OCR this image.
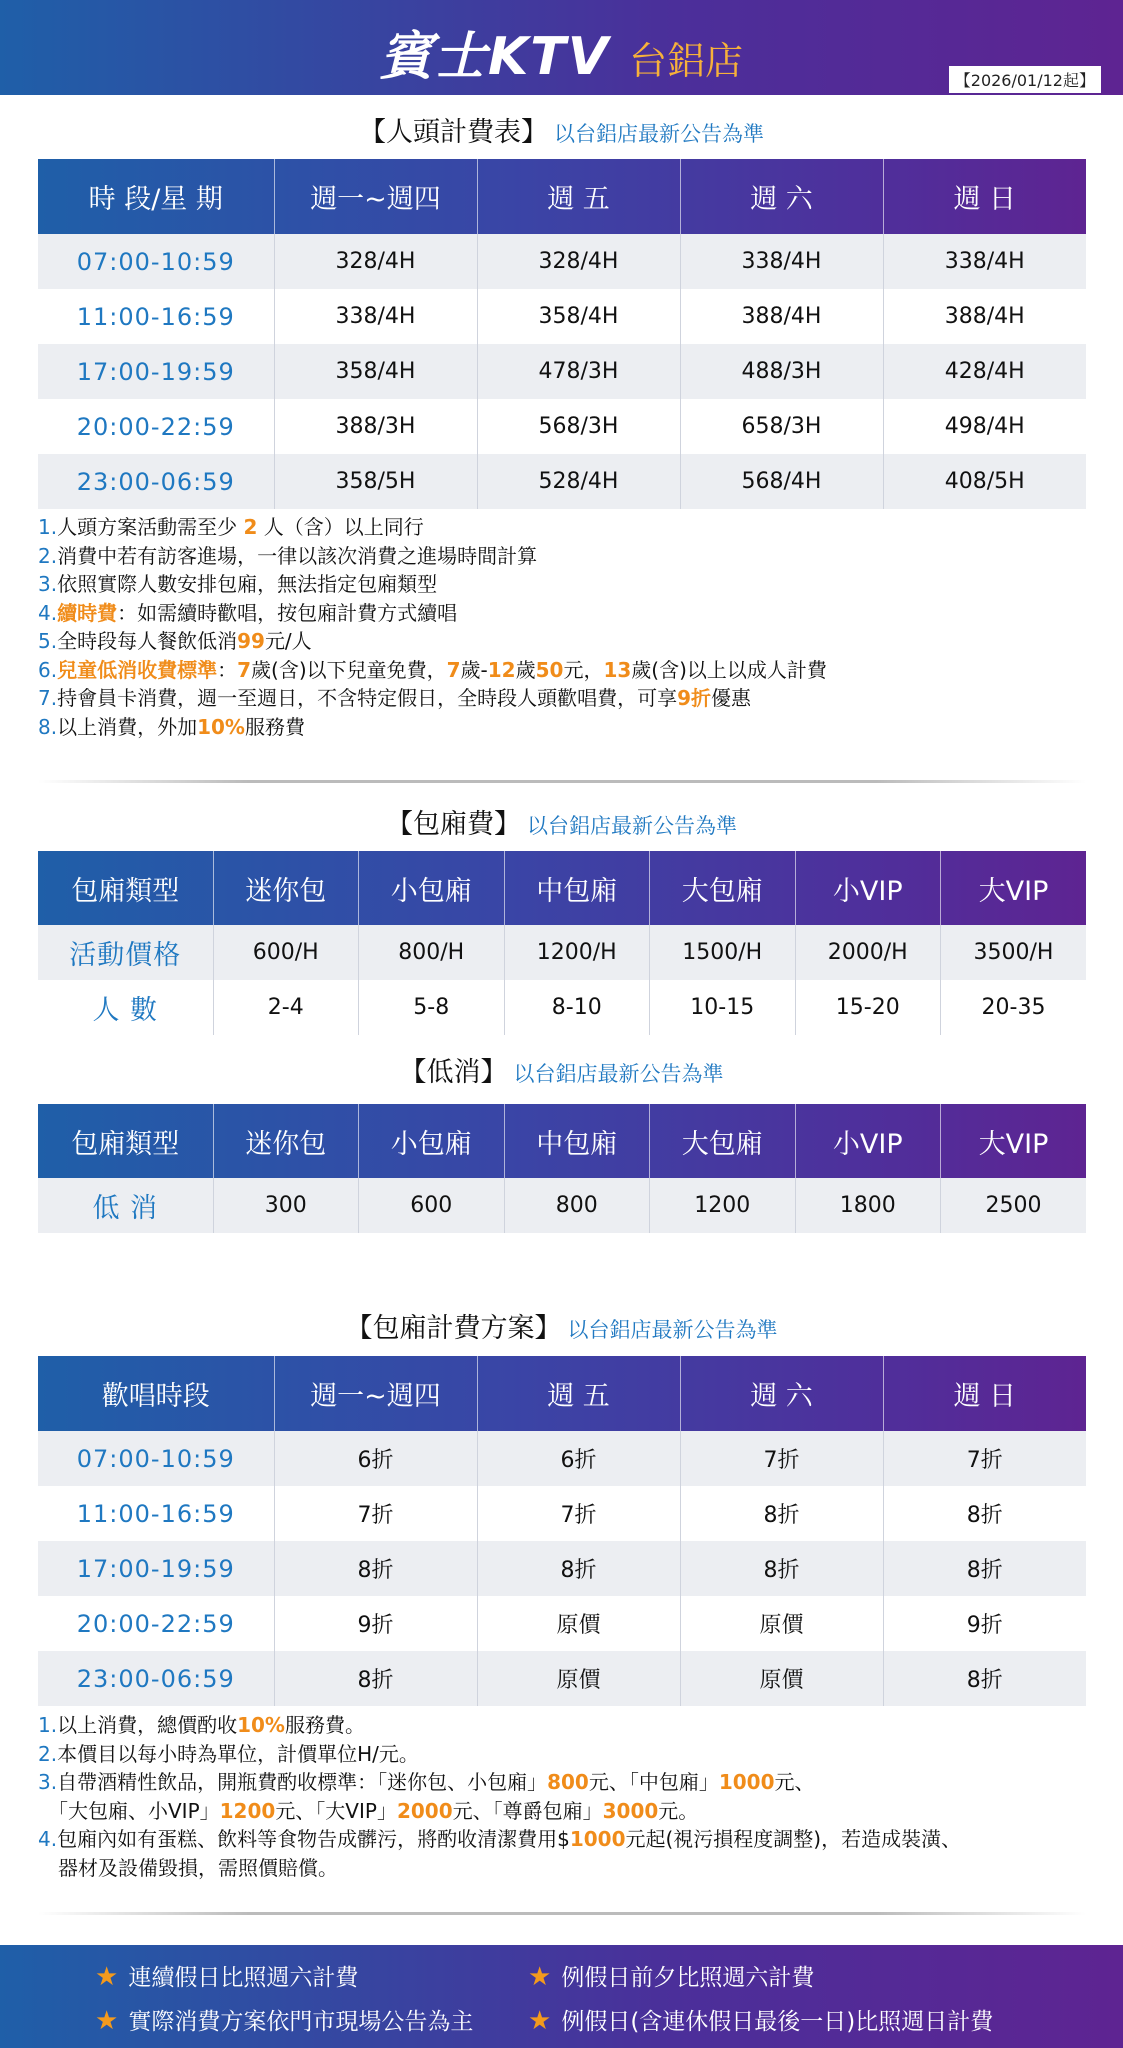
賓士KTV 台鋁店	【2026/01/12起】
【人頭計費表】 以台鋁店最新公告為準
時 段/星 期	週一~週四	週 五	週 六	週 日
07:00-10:59	328/4H	328/4H	338/4H	338/4H
11:00-16:59	338/4H	358/4H	388/4H	388/4H
17:00-19:59	358/4H	478/3H	488/3H	428/4H
20:00-22:59	388/3H	568/3H	658/3H	498/4H
23:00-06:59	358/5H	528/4H	568/4H	408/5H
1.人頭方案活動需至少 2 人（含）以上同行
2.消費中若有訪客進場，一律以該次消費之進場時間計算
3.依照實際人數安排包廂，無法指定包廂類型
4.續時費：如需續時歡唱，按包廂計費方式續唱
5.全時段每人餐飲低消99元/人
6.兒童低消收費標準：7歲(含)以下兒童免費，7歲-12歲50元，13歲(含)以上以成人計費
7.持會員卡消費，週一至週日，不含特定假日，全時段人頭歡唱費，可享9折優惠
8.以上消費，外加10%服務費
【包廂費】 以台鋁店最新公告為準
包廂類型	迷你包	小包廂	中包廂	大包廂	小VIP	大VIP
活動價格	600/H	800/H	1200/H	1500/H	2000/H	3500/H
人 數	2-4	5-8	8-10	10-15	15-20	20-35
【低消】 以台鋁店最新公告為準
包廂類型	迷你包	小包廂	中包廂	大包廂	小VIP	大VIP
低 消	300	600	800	1200	1800	2500
【包廂計費方案】 以台鋁店最新公告為準
歡唱時段	週一~週四	週 五	週 六	週 日
07:00-10:59	6折	6折	7折	7折
11:00-16:59	7折	7折	8折	8折
17:00-19:59	8折	8折	8折	8折
20:00-22:59	9折	原價	原價	9折
23:00-06:59	8折	原價	原價	8折
1.以上消費，總價酌收10%服務費。
2.本價目以每小時為單位，計價單位H/元。
3.自帶酒精性飲品，開瓶費酌收標準：「迷你包、小包廂」800元、「中包廂」1000元、
　「大包廂、小VIP」1200元、「大VIP」2000元、「尊爵包廂」3000元。
4.包廂內如有蛋糕、飲料等食物告成髒污，將酌收清潔費用$1000元起(視污損程度調整)，若造成裝潢、
　器材及設備毀損，需照價賠償。
★ 連續假日比照週六計費	★ 例假日前夕比照週六計費
★ 實際消費方案依門市現場公告為主 ★ 例假日(含連休假日最後一日)比照週日計費
